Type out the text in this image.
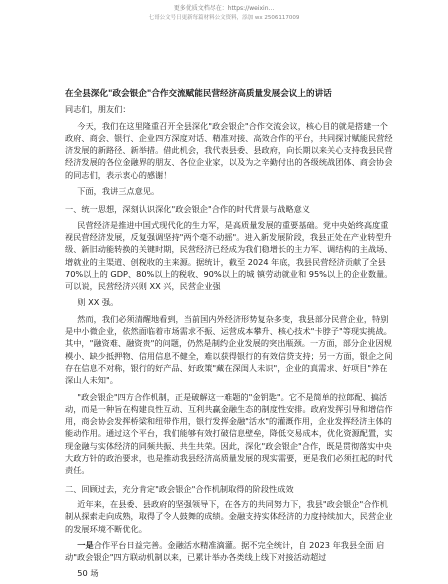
更多优质文档尽在：https://weixin...
七哥公文号日更新每篇材料公文资料，添加 wx 2506117009
在全县深化"政会银企"合作交流赋能民营经济高质量发展会议上的讲话

同志们，朋友们：

今天，我们在这里隆重召开全县深化"政会银企"合作交流会议，核心目的就是搭建一个政府、商会、银行、企业四方深度对话、精准对接、高效合作的平台，共同探讨赋能民营经济发展的新路径、新举措。借此机会，我代表县委、县政府，向长期以来关心支持我县民营经济发展的各位金融界的朋友、各位企业家，以及为之辛勤付出的各级统战团体、商会协会的同志们，表示衷心的感谢！

下面，我讲三点意见。

一、统一思想，深刻认识深化"政会银企"合作的时代背景与战略意义

民营经济是推进中国式现代化的生力军，是高质量发展的重要基础。党中央始终高度重视民营经济发展，反复强调坚持"两个毫不动摇"。进入新发展阶段，我县正处在产业转型升级、新旧动能转换的关键时期，民营经济已经成为我们稳增长的主力军、调结构的主战场、增就业的主渠道、创税收的主来源。据统计，截至 2024 年底，我县民营经济贡献了全县 70%以上的 GDP、80%以上的税收、90%以上的城 镇劳动就业和 95%以上的企业数量。可以说，民营经济兴则 XX 兴，民营企业强

则 XX 强。

然而，我们必须清醒地看到，当前国内外经济形势复杂多变，我县部分民营企业，特别是中小微企业，依然面临着市场需求不振、运营成本攀升、核心技术"卡脖子"等现实挑战。其中，"融资难、融资贵"的问题，仍然是制约企业发展的突出瓶颈。一方面，部分企业因规模小、缺少抵押物、信用信息不健全，难以获得银行的有效信贷支持；另一方面，银企之间存在信息不对称，银行的好产品、好政策"藏在深闺人未识"，企业的真需求、好项目"养在深山人未知"。

"政会银企"四方合作机制，正是破解这一难题的"金钥匙"。它不是简单的拉郎配、搞活动，而是一种旨在构建良性互动、互利共赢金融生态的制度性安排。政府发挥引导和增信作用，商会协会发挥桥梁和纽带作用，银行发挥金融"活水"的灌溉作用，企业发挥经济主体的能动作用。通过这个平台，我们能够有效打破信息壁垒，降低交易成本，优化资源配置，实现金融与实体经济的同频共振、共生共荣。因此，深化"政会银企"合作，既是贯彻落实中央大政方针的政治要求，也是推动我县经济高质量发展的现实需要，更是我们必须扛起的时代责任。

二、回顾过去，充分肯定"政会银企"合作机制取得的阶段性成效

近年来，在县委、县政府的坚强领导下，在各方的共同努力下，我县"政会银企"合作机制从探索走向成熟，取得了令人鼓舞的成绩。金融支持实体经济的力度持续加大，民营企业的发展环境不断优化。

一是合作平台日益完善。金融活水精准滴灌。据不完全统计，自 2023 年我县全面 启动"政会银企"四方联动机制以来，已累计举办各类线上线下对接活动超过

50 场
